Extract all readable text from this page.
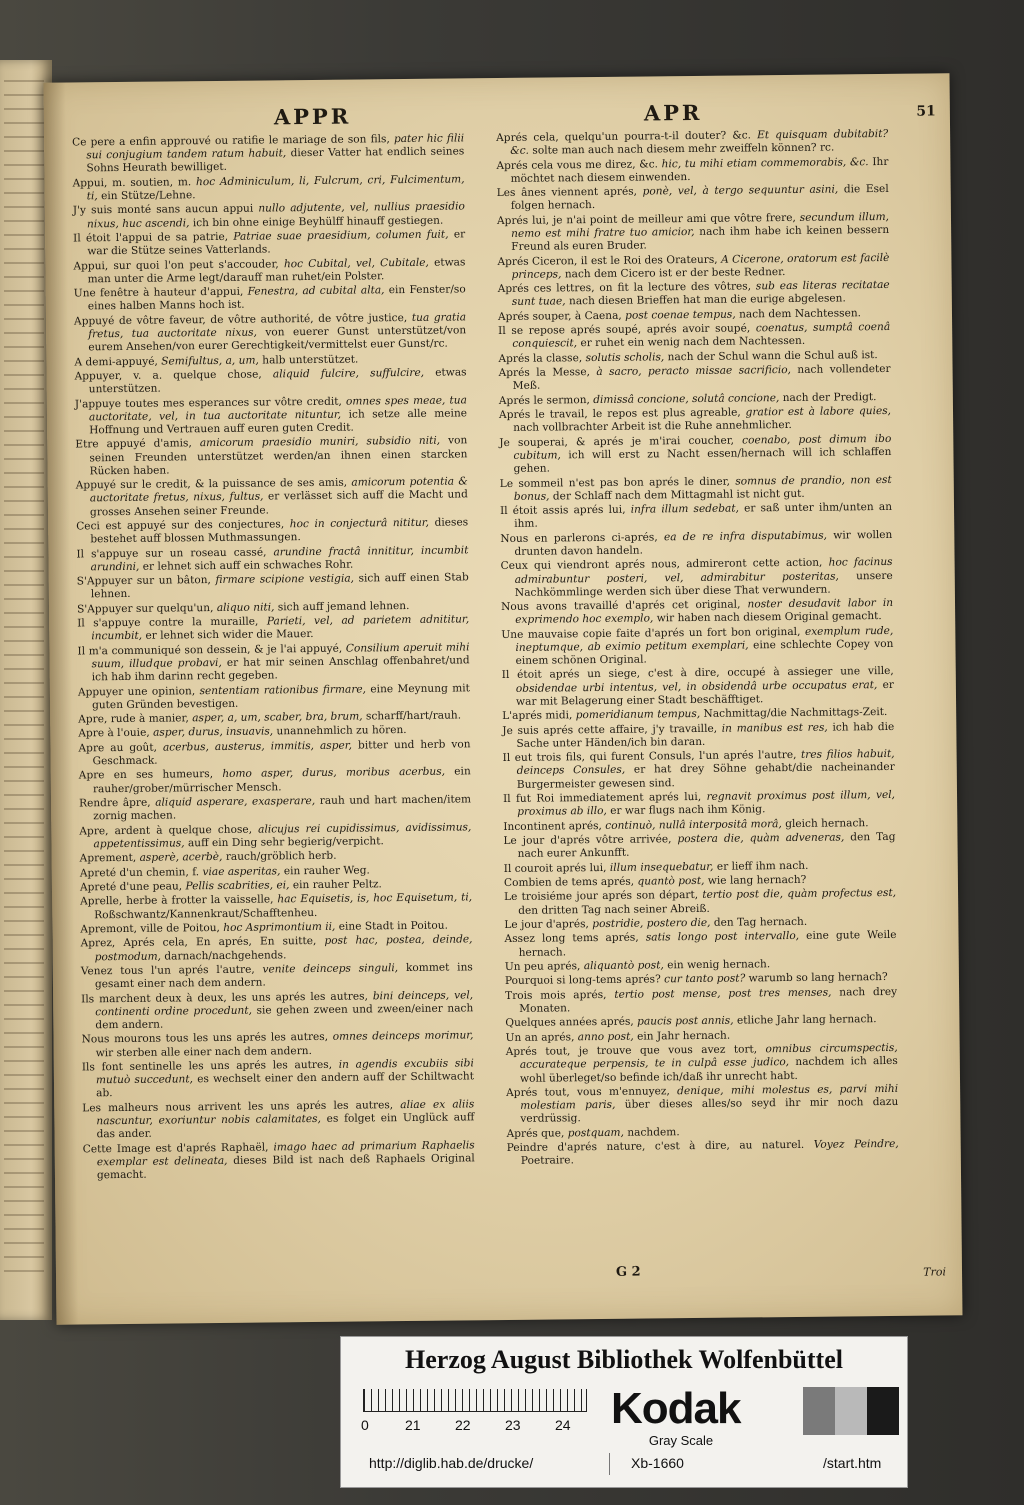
APPR	APR	51

Ce pere a enfin approuvé ou ratifie le mariage de son fils, pater hic filii sui conjugium tandem ratum habuit, dieser Vatter hat endlich seines Sohns Heurath bewilliget.

Appui, m. soutien, m. hoc Adminiculum, li, Fulcrum, cri, Fulcimentum, ti, ein Stütze/Lehne.

J'y suis monté sans aucun appui nullo adjutente, vel, nullius praesidio nixus, huc ascendi, ich bin ohne einige Beyhülff hinauff gestiegen.

Il étoit l'appui de sa patrie, Patriae suae praesidium, columen fuit, er war die Stütze seines Vatterlands.

Appui, sur quoi l'on peut s'accouder, hoc Cubital, vel, Cubitale, etwas man unter die Arme legt/darauff man ruhet/ein Polster.

Une fenêtre à hauteur d'appui, Fenestra, ad cubital alta, ein Fenster/so eines halben Manns hoch ist.

Appuyé de vôtre faveur, de vôtre authorité, de vôtre justice, tua gratia fretus, tua auctoritate nixus, von euerer Gunst unterstützet/von eurem Ansehen/von eurer Gerechtigkeit/vermittelst euer Gunst/rc.

A demi-appuyé, Semifultus, a, um, halb unterstützet.

Appuyer, v. a. quelque chose, aliquid fulcire, suffulcire, etwas unterstützen.

J'appuye toutes mes esperances sur vôtre credit, omnes spes meae, tua auctoritate, vel, in tua auctoritate nituntur, ich setze alle meine Hoffnung und Vertrauen auff euren guten Credit.

Etre appuyé d'amis, amicorum praesidio muniri, subsidio niti, von seinen Freunden unterstützet werden/an ihnen einen starcken Rücken haben.

Appuyé sur le credit, & la puissance de ses amis, amicorum potentia & auctoritate fretus, nixus, fultus, er verlässet sich auff die Macht und grosses Ansehen seiner Freunde.

Ceci est appuyé sur des conjectures, hoc in conjecturâ nititur, dieses bestehet auff blossen Muthmassungen.

Il s'appuye sur un roseau cassé, arundine fractâ innititur, incumbit arundini, er lehnet sich auff ein schwaches Rohr.

S'Appuyer sur un bâton, firmare scipione vestigia, sich auff einen Stab lehnen.

S'Appuyer sur quelqu'un, aliquo niti, sich auff jemand lehnen.

Il s'appuye contre la muraille, Parieti, vel, ad parietem adnititur, incumbit, er lehnet sich wider die Mauer.

Il m'a communiqué son dessein, & je l'ai appuyé, Consilium aperuit mihi suum, illudque probavi, er hat mir seinen Anschlag offenbahret/und ich hab ihm darinn recht gegeben.

Appuyer une opinion, sententiam rationibus firmare, eine Meynung mit guten Gründen bevestigen.

Apre, rude à manier, asper, a, um, scaber, bra, brum, scharff/hart/rauh.

Apre à l'ouie, asper, durus, insuavis, unannehmlich zu hören.

Apre au goût, acerbus, austerus, immitis, asper, bitter und herb von Geschmack.

Apre en ses humeurs, homo asper, durus, moribus acerbus, ein rauher/grober/mürrischer Mensch.

Rendre âpre, aliquid asperare, exasperare, rauh und hart machen/item zornig machen.

Apre, ardent à quelque chose, alicujus rei cupidissimus, avidissimus, appetentissimus, auff ein Ding sehr begierig/verpicht.

Aprement, asperè, acerbè, rauch/gröblich herb.

Apreté d'un chemin, f. viae asperitas, ein rauher Weg.

Apreté d'une peau, Pellis scabrities, ei, ein rauher Peltz.

Aprelle, herbe à frotter la vaisselle, hac Equisetis, is, hoc Equisetum, ti, Roßschwantz/Kannenkraut/Schafftenheu.

Apremont, ville de Poitou, hoc Asprimontium ii, eine Stadt in Poitou.

Aprez, Aprés cela, En aprés, En suitte, post hac, postea, deinde, postmodum, darnach/nachgehends.

Venez tous l'un aprés l'autre, venite deinceps singuli, kommet ins gesamt einer nach dem andern.

Ils marchent deux à deux, les uns aprés les autres, bini deinceps, vel, continenti ordine procedunt, sie gehen zween und zween/einer nach dem andern.

Nous mourons tous les uns aprés les autres, omnes deinceps morimur, wir sterben alle einer nach dem andern.

Ils font sentinelle les uns aprés les autres, in agendis excubiis sibi mutuò succedunt, es wechselt einer den andern auff der Schiltwacht ab.

Les malheurs nous arrivent les uns aprés les autres, aliae ex aliis nascuntur, exoriuntur nobis calamitates, es folget ein Unglück auff das ander.

Cette Image est d'aprés Raphaël, imago haec ad primarium Raphaelis exemplar est delineata, dieses Bild ist nach deß Raphaels Original gemacht.

Aprés cela, quelqu'un pourra-t-il douter? &c. Et quisquam dubitabit? &c. solte man auch nach diesem mehr zweiffeln können? rc.

Aprés cela vous me direz, &c. hic, tu mihi etiam commemorabis, &c. Ihr möchtet nach diesem einwenden.

Les ânes viennent aprés, ponè, vel, à tergo sequuntur asini, die Esel folgen hernach.

Aprés lui, je n'ai point de meilleur ami que vôtre frere, secundum illum, nemo est mihi fratre tuo amicior, nach ihm habe ich keinen bessern Freund als euren Bruder.

Aprés Ciceron, il est le Roi des Orateurs, A Cicerone, oratorum est facilè princeps, nach dem Cicero ist er der beste Redner.

Aprés ces lettres, on fit la lecture des vôtres, sub eas literas recitatae sunt tuae, nach diesen Brieffen hat man die eurige abgelesen.

Aprés souper, à Caena, post coenae tempus, nach dem Nachtessen.

Il se repose aprés soupé, aprés avoir soupé, coenatus, sumptâ coenâ conquiescit, er ruhet ein wenig nach dem Nachtessen.

Aprés la classe, solutis scholis, nach der Schul wann die Schul auß ist.

Aprés la Messe, à sacro, peracto missae sacrificio, nach vollendeter Meß.

Aprés le sermon, dimissâ concione, solutâ concione, nach der Predigt.

Aprés le travail, le repos est plus agreable, gratior est à labore quies, nach vollbrachter Arbeit ist die Ruhe annehmlicher.

Je souperai, & aprés je m'irai coucher, coenabo, post dimum ibo cubitum, ich will erst zu Nacht essen/hernach will ich schlaffen gehen.

Le sommeil n'est pas bon aprés le diner, somnus de prandio, non est bonus, der Schlaff nach dem Mittagmahl ist nicht gut.

Il étoit assis aprés lui, infra illum sedebat, er saß unter ihm/unten an ihm.

Nous en parlerons ci-aprés, ea de re infra disputabimus, wir wollen drunten davon handeln.

Ceux qui viendront aprés nous, admireront cette action, hoc facinus admirabuntur posteri, vel, admirabitur posteritas, unsere Nachkömmlinge werden sich über diese That verwundern.

Nous avons travaillé d'aprés cet original, noster desudavit labor in exprimendo hoc exemplo, wir haben nach diesem Original gemacht.

Une mauvaise copie faite d'aprés un fort bon original, exemplum rude, ineptumque, ab eximio petitum exemplari, eine schlechte Copey von einem schönen Original.

Il étoit aprés un siege, c'est à dire, occupé à assieger une ville, obsidendae urbi intentus, vel, in obsidendâ urbe occupatus erat, er war mit Belagerung einer Stadt beschäfftiget.

L'aprés midi, pomeridianum tempus, Nachmittag/die Nachmittags-Zeit.

Je suis aprés cette affaire, j'y travaille, in manibus est res, ich hab die Sache unter Händen/ich bin daran.

Il eut trois fils, qui furent Consuls, l'un aprés l'autre, tres filios habuit, deinceps Consules, er hat drey Söhne gehabt/die nacheinander Burgermeister gewesen sind.

Il fut Roi immediatement aprés lui, regnavit proximus post illum, vel, proximus ab illo, er war flugs nach ihm König.

Incontinent aprés, continuò, nullâ interpositâ morâ, gleich hernach.

Le jour d'aprés vôtre arrivée, postera die, quàm adveneras, den Tag nach eurer Ankunfft.

Il couroit aprés lui, illum insequebatur, er lieff ihm nach.

Combien de tems aprés, quantò post, wie lang hernach?

Le troisiéme jour aprés son départ, tertio post die, quàm profectus est, den dritten Tag nach seiner Abreiß.

Le jour d'aprés, postridie, postero die, den Tag hernach.

Assez long tems aprés, satis longo post intervallo, eine gute Weile hernach.

Un peu aprés, aliquantò post, ein wenig hernach.

Pourquoi si long-tems aprés? cur tanto post? warumb so lang hernach?

Trois mois aprés, tertio post mense, post tres menses, nach drey Monaten.

Quelques années aprés, paucis post annis, etliche Jahr lang hernach.

Un an aprés, anno post, ein Jahr hernach.

Aprés tout, je trouve que vous avez tort, omnibus circumspectis, accurateque perpensis, te in culpâ esse judico, nachdem ich alles wohl überleget/so befinde ich/daß ihr unrecht habt.

Aprés tout, vous m'ennuyez, denique, mihi molestus es, parvi mihi molestiam paris, über dieses alles/so seyd ihr mir noch dazu verdrüssig.

Aprés que, postquam, nachdem.

Peindre d'aprés nature, c'est à dire, au naturel. Voyez Peindre, Poetraire.

G 2	Troi
Herzog August Bibliothek Wolfenbüttel
0	21 22 23 24 Kodak
Gray Scale
http://diglib.hab.de/drucke/	Xb-1660	/start.htm
